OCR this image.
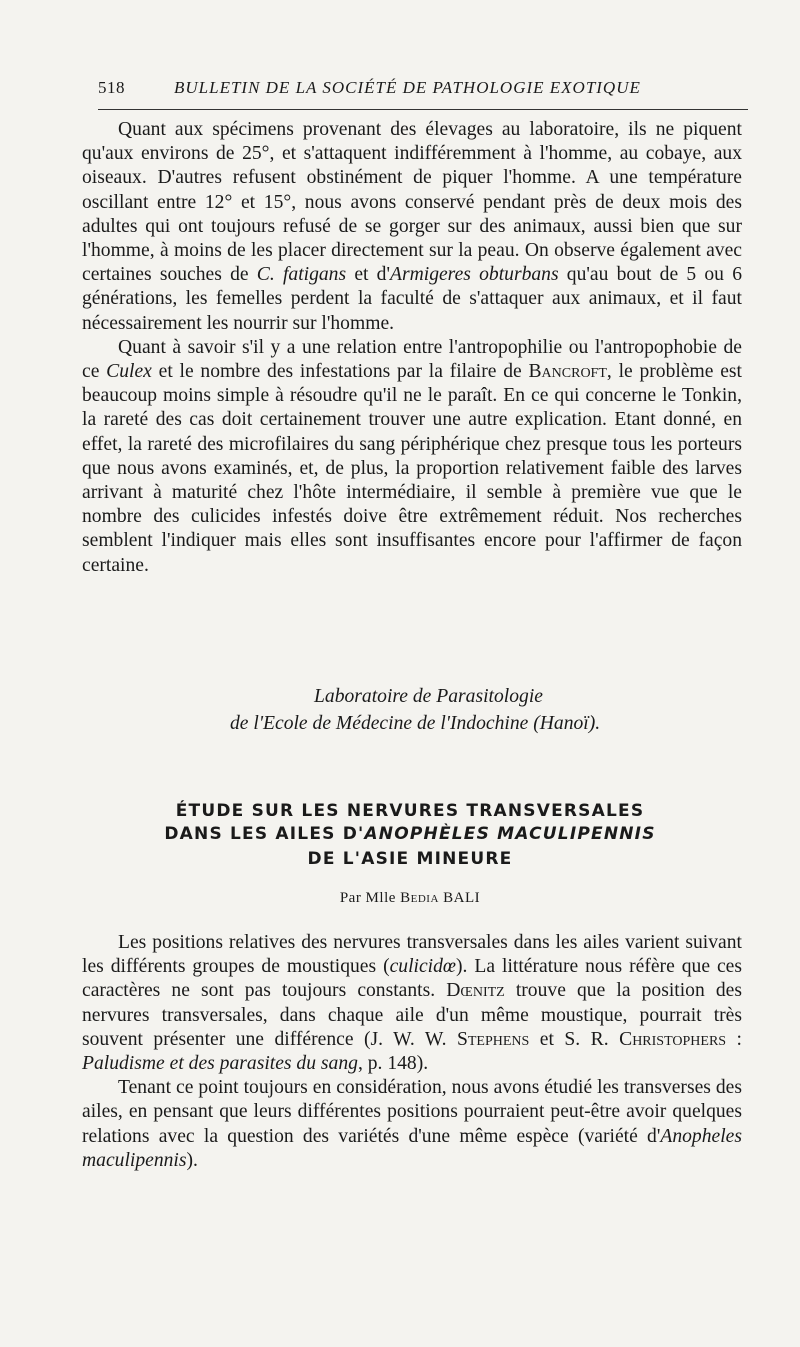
518	BULLETIN DE LA SOCIÉTÉ DE PATHOLOGIE EXOTIQUE

Quant aux spécimens provenant des élevages au laboratoire, ils ne piquent qu'aux environs de 25°, et s'attaquent indifféremment à l'homme, au cobaye, aux oiseaux. D'autres refusent obstinément de piquer l'homme. A une température oscillant entre 12° et 15°, nous avons conservé pendant près de deux mois des adultes qui ont toujours refusé de se gorger sur des animaux, aussi bien que sur l'homme, à moins de les placer directement sur la peau. On observe également avec certaines souches de C. fatigans et d'Armigeres obturbans qu'au bout de 5 ou 6 générations, les femelles perdent la faculté de s'attaquer aux animaux, et il faut nécessairement les nourrir sur l'homme.

Quant à savoir s'il y a une relation entre l'antropophilie ou l'antropophobie de ce Culex et le nombre des infestations par la filaire de Bancroft, le problème est beaucoup moins simple à résoudre qu'il ne le paraît. En ce qui concerne le Tonkin, la rareté des cas doit certainement trouver une autre explication. Etant donné, en effet, la rareté des microfilaires du sang périphérique chez presque tous les porteurs que nous avons examinés, et, de plus, la proportion relativement faible des larves arrivant à maturité chez l'hôte intermédiaire, il semble à première vue que le nombre des culicides infestés doive être extrêmement réduit. Nos recherches semblent l'indiquer mais elles sont insuffisantes encore pour l'affirmer de façon certaine.

Laboratoire de Parasitologie
de l'Ecole de Médecine de l'Indochine (Hanoï).
ÉTUDE SUR LES NERVURES TRANSVERSALES
DANS LES AILES D'ANOPHÈLES MACULIPENNIS
DE L'ASIE MINEURE
Par Mlle Bedia BALI

Les positions relatives des nervures transversales dans les ailes varient suivant les différents groupes de moustiques (culicidœ). La littérature nous réfère que ces caractères ne sont pas toujours constants. Dœnitz trouve que la position des nervures transversales, dans chaque aile d'un même moustique, pourrait très souvent présenter une différence (J. W. W. Stephens et S. R. Christophers : Paludisme et des parasites du sang, p. 148).

Tenant ce point toujours en considération, nous avons étudié les transverses des ailes, en pensant que leurs différentes positions pourraient peut-être avoir quelques relations avec la question des variétés d'une même espèce (variété d'Anopheles maculipennis).
